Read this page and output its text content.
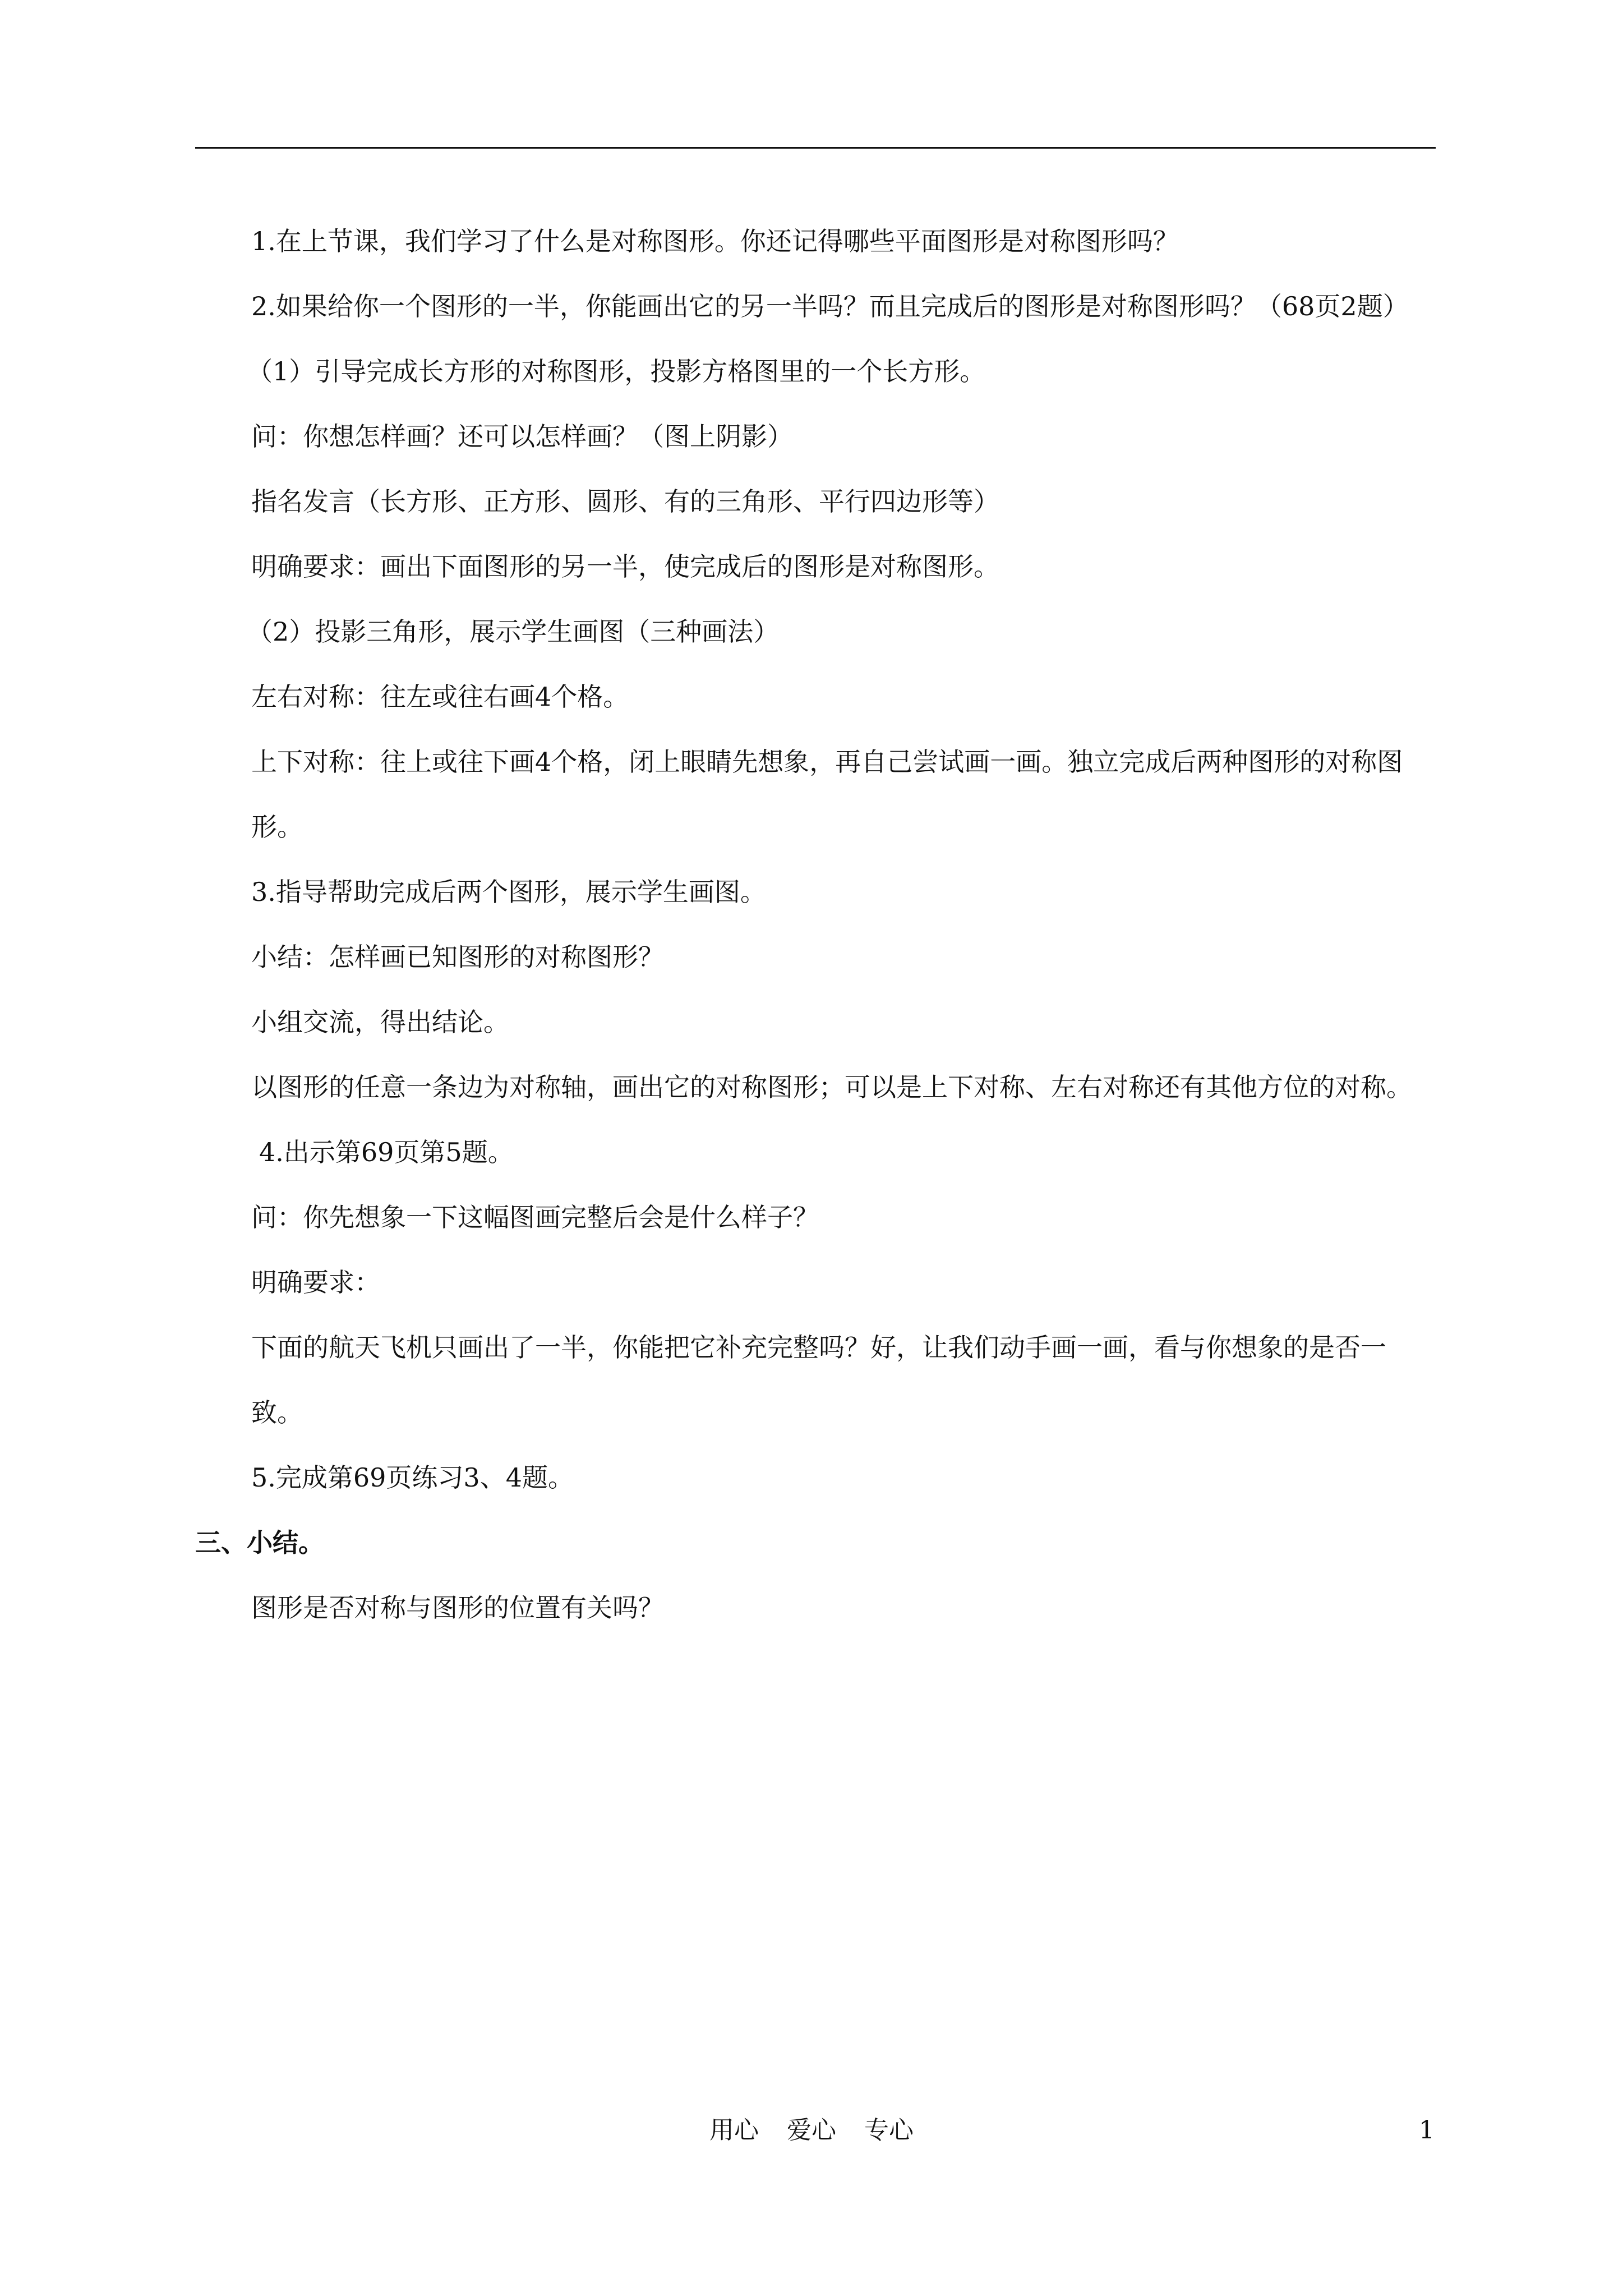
1.在上节课，我们学习了什么是对称图形。你还记得哪些平面图形是对称图形吗？

2.如果给你一个图形的一半，你能画出它的另一半吗？而且完成后的图形是对称图形吗？（68页2题）

（1）引导完成长方形的对称图形，投影方格图里的一个长方形。

问：你想怎样画？还可以怎样画？（图上阴影）

指名发言（长方形、正方形、圆形、有的三角形、平行四边形等）

明确要求：画出下面图形的另一半，使完成后的图形是对称图形。

（2）投影三角形，展示学生画图（三种画法）

左右对称：往左或往右画4个格。

上下对称：往上或往下画4个格，闭上眼睛先想象，再自己尝试画一画。独立完成后两种图形的对称图形。

3.指导帮助完成后两个图形，展示学生画图。

小结：怎样画已知图形的对称图形？

小组交流，得出结论。

以图形的任意一条边为对称轴，画出它的对称图形；可以是上下对称、左右对称还有其他方位的对称。

4.出示第69页第5题。

问：你先想象一下这幅图画完整后会是什么样子？

明确要求：

下面的航天飞机只画出了一半，你能把它补充完整吗？好，让我们动手画一画，看与你想象的是否一致。

5.完成第69页练习3、4题。

三、小结。

图形是否对称与图形的位置有关吗？

用心 爱心 专心	1
